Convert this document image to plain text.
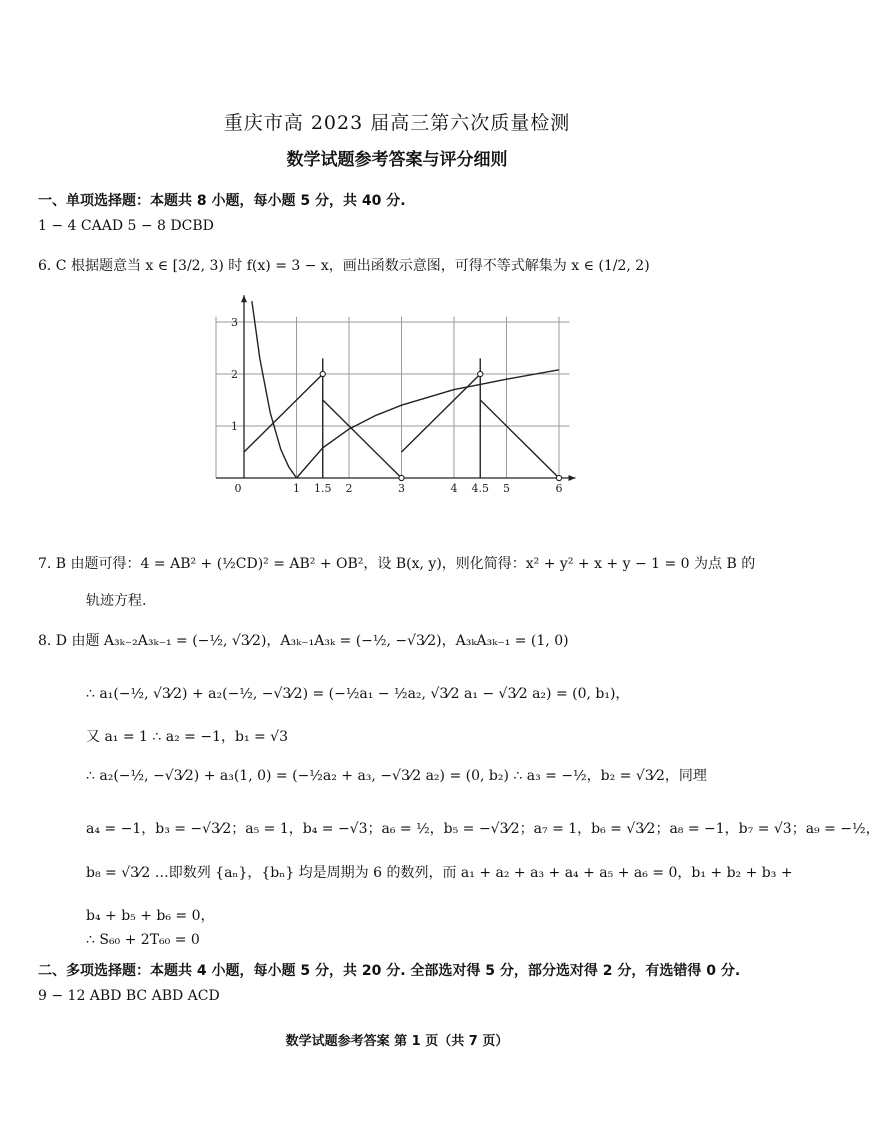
重庆市高 2023 届高三第六次质量检测
数学试题参考答案与评分细则
一、单项选择题：本题共 8 小题，每小题 5 分，共 40 分.
1 − 4 CAAD 5 − 8 DCBD
6. C 根据题意当 x ∈ [3/2, 3) 时 f(x) = 3 − x，画出函数示意图，可得不等式解集为 x ∈ (1/2, 2)
0	1 1.5 2	3	4 4.5 5	6
1
2
3
7. B 由题可得：4 = AB² + (½CD)² = AB² + OB²，设 B(x, y)，则化简得：x² + y² + x + y − 1 = 0 为点 B 的
轨迹方程.
8. D 由题 A₃ₖ₋₂A₃ₖ₋₁ = (−½, √3⁄2)，A₃ₖ₋₁A₃ₖ = (−½, −√3⁄2)，A₃ₖA₃ₖ₋₁ = (1, 0)
∴ a₁(−½, √3⁄2) + a₂(−½, −√3⁄2) = (−½a₁ − ½a₂, √3⁄2 a₁ − √3⁄2 a₂) = (0, b₁)，
又 a₁ = 1 ∴ a₂ = −1，b₁ = √3
∴ a₂(−½, −√3⁄2) + a₃(1, 0) = (−½a₂ + a₃, −√3⁄2 a₂) = (0, b₂) ∴ a₃ = −½，b₂ = √3⁄2，同理
a₄ = −1，b₃ = −√3⁄2；a₅ = 1，b₄ = −√3；a₆ = ½，b₅ = −√3⁄2；a₇ = 1，b₆ = √3⁄2；a₈ = −1，b₇ = √3；a₉ = −½，
b₈ = √3⁄2 …即数列 {aₙ}，{bₙ} 均是周期为 6 的数列，而 a₁ + a₂ + a₃ + a₄ + a₅ + a₆ = 0，b₁ + b₂ + b₃ +
b₄ + b₅ + b₆ = 0，
∴ S₆₀ + 2T₆₀ = 0
二、多项选择题：本题共 4 小题，每小题 5 分，共 20 分. 全部选对得 5 分，部分选对得 2 分，有选错得 0 分.
9 − 12 ABD BC ABD ACD
数学试题参考答案 第 1 页（共 7 页）
